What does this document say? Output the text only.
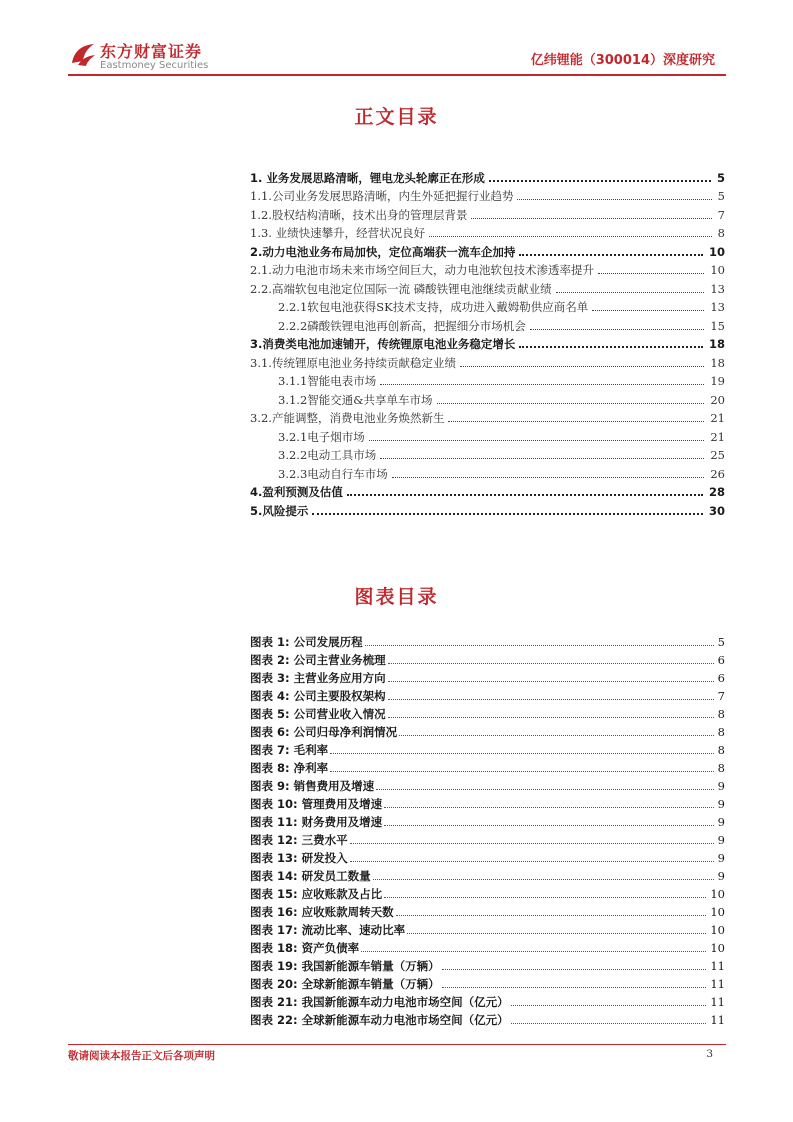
东方财富证券
Eastmoney Securities	亿纬锂能（300014）深度研究
正文目录
1. 业务发展思路清晰，锂电龙头轮廓正在形成	5
1.1.公司业务发展思路清晰，内生外延把握行业趋势	5
1.2.股权结构清晰，技术出身的管理层背景	7
1.3. 业绩快速攀升，经营状况良好	8
2.动力电池业务布局加快，定位高端获一流车企加持	10
2.1.动力电池市场未来市场空间巨大，动力电池软包技术渗透率提升	10
2.2.高端软包电池定位国际一流 磷酸铁锂电池继续贡献业绩	13
2.2.1软包电池获得SK技术支持，成功进入戴姆勒供应商名单	13
2.2.2磷酸铁锂电池再创新高，把握细分市场机会	15
3.消费类电池加速铺开，传统锂原电池业务稳定增长	18
3.1.传统锂原电池业务持续贡献稳定业绩	18
3.1.1智能电表市场	19
3.1.2智能交通&共享单车市场	20
3.2.产能调整，消费电池业务焕然新生	21
3.2.1电子烟市场	21
3.2.2电动工具市场	25
3.2.3电动自行车市场	26
4.盈利预测及估值	28
5.风险提示	30
图表目录
图表 1: 公司发展历程	5
图表 2: 公司主营业务梳理	6
图表 3: 主营业务应用方向	6
图表 4: 公司主要股权架构	7
图表 5: 公司营业收入情况	8
图表 6: 公司归母净利润情况	8
图表 7: 毛利率	8
图表 8: 净利率	8
图表 9: 销售费用及增速	9
图表 10: 管理费用及增速	9
图表 11: 财务费用及增速	9
图表 12: 三费水平	9
图表 13: 研发投入	9
图表 14: 研发员工数量	9
图表 15: 应收账款及占比	10
图表 16: 应收账款周转天数	10
图表 17: 流动比率、速动比率	10
图表 18: 资产负债率	10
图表 19: 我国新能源车销量（万辆）	11
图表 20: 全球新能源车销量（万辆）	11
图表 21: 我国新能源车动力电池市场空间（亿元）	11
图表 22: 全球新能源车动力电池市场空间（亿元）	11
敬请阅读本报告正文后各项声明	3
